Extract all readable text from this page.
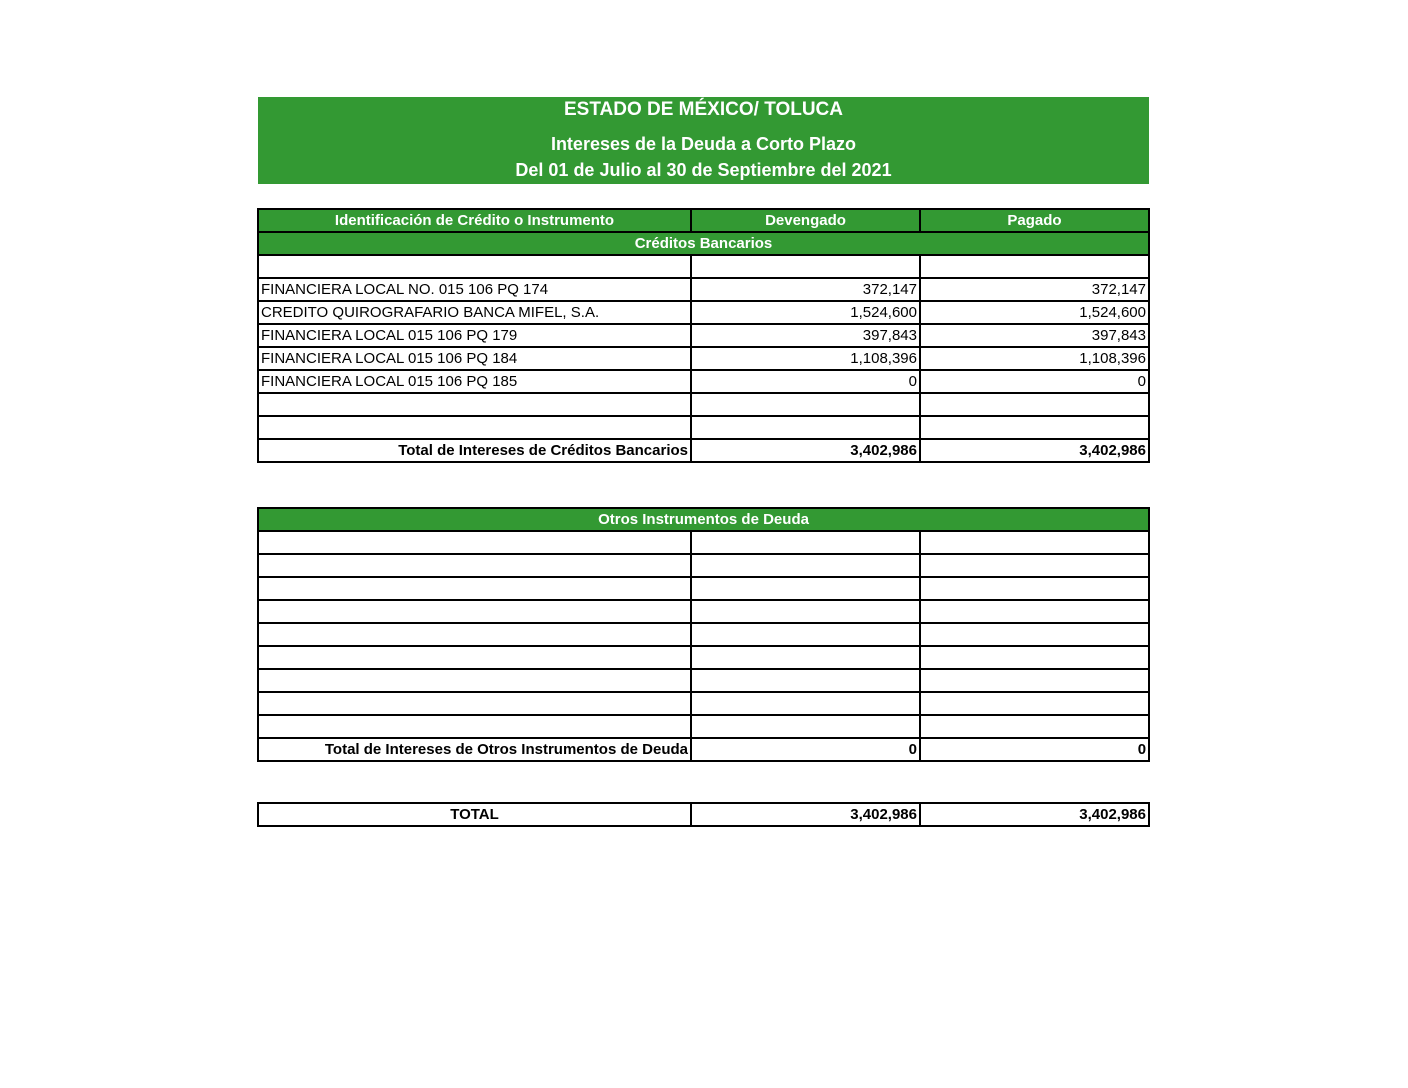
ESTADO DE MÉXICO/ TOLUCA
Intereses de la Deuda a Corto Plazo
Del 01 de Julio al 30 de Septiembre del 2021
Identificación de Crédito o Instrumento	Devengado	Pagado
Créditos Bancarios		

FINANCIERA LOCAL NO. 015 106 PQ 174	372,147	372,147
CREDITO QUIROGRAFARIO BANCA MIFEL, S.A.	1,524,600	1,524,600
FINANCIERA LOCAL 015 106 PQ 179	397,843	397,843
FINANCIERA LOCAL 015 106 PQ 184	1,108,396	1,108,396
FINANCIERA LOCAL 015 106 PQ 185	0	0

Total de Intereses de Créditos Bancarios	3,402,986	3,402,986
Otros Instrumentos de Deuda		

Total de Intereses de Otros Instrumentos de Deuda	0	0
TOTAL	3,402,986	3,402,986
